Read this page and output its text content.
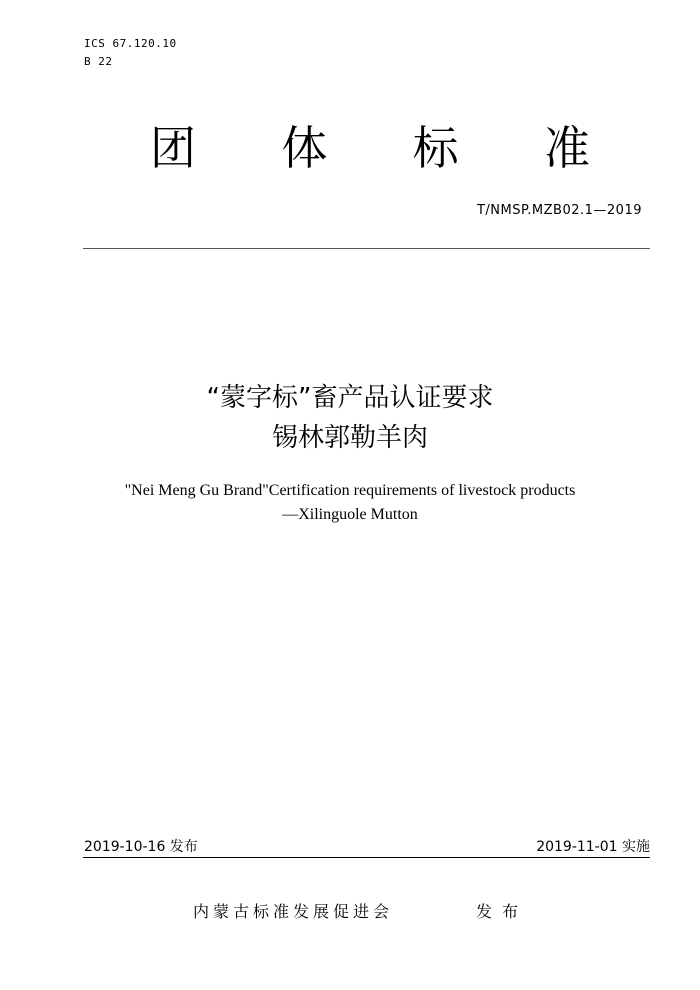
ICS 67.120.10
B 22
团 体 标 准
T/NMSP.MZB02.1—2019
“蒙字标”畜产品认证要求
锡林郭勒羊肉
"Nei Meng Gu Brand"Certification requirements of livestock products
—Xilinguole Mutton
2019-10-16 发布	2019-11-01 实施
内蒙古标准发展促进会	发布
